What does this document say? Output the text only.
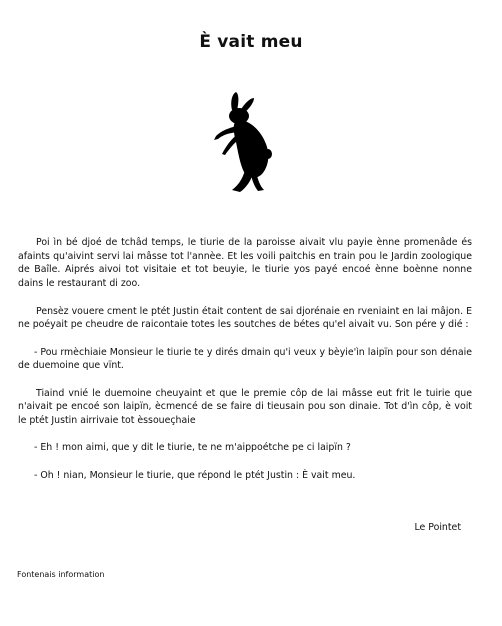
È vait meu

Poi ìn bé djoé de tchâd temps, le tiurie de la paroisse aivait vlu payie ènne promenâde és afaints qu'aivint servi lai mâsse tot l'annèe. Et les voili paitchis en train pou le Jardin zoologique de Baîle. Aiprés aivoi tot visitaie et tot beuyie, le tiurie yos payé encoé ènne boènne nonne dains le restaurant di zoo.

Pensèz vouere cment le ptét Justin était content de sai djorénaie en rveniaint en lai mâjon. E ne poéyait pe cheudre de raicontaie totes les soutches de bétes qu'el aivait vu. Son pére y dié :

- Pou rmèchiaie Monsieur le tiurie te y dirés dmain qu'i veux y bèyie'ìn laipïn pour son dénaie de duemoine que vïnt.

Tiaind vnié le duemoine cheuyaint et que le premie côp de lai mâsse eut frit le tuirie que n'aivait pe encoé son laipïn, ècmencé de se faire di tieusain pou son dinaie. Tot d'ìn côp, è voit le ptét Justin airrivaie tot èssoueçhaie

- Eh ! mon aimi, que y dit le tiurie, te ne m'aippoétche pe ci laipïn ?

- Oh ! nian, Monsieur le tiurie, que répond le ptét Justin : È vait meu.

Le Pointet
Fontenais information
